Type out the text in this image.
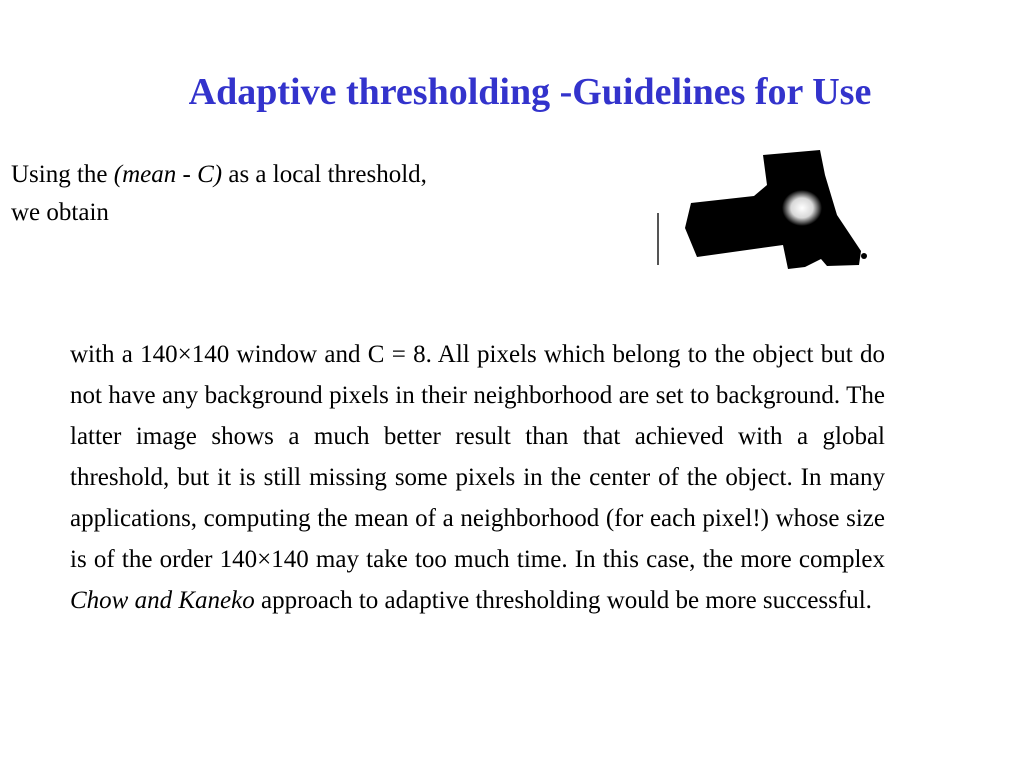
Adaptive thresholding -Guidelines for Use

Using the (mean - C) as a local threshold,
we obtain

with a 140×140 window and C = 8. All pixels which belong to the object but do not have any background pixels in their neighborhood are set to background. The latter image shows a much better result than that achieved with a global threshold, but it is still missing some pixels in the center of the object. In many applications, computing the mean of a neighborhood (for each pixel!) whose size is of the order 140×140 may take too much time. In this case, the more complex Chow and Kaneko approach to adaptive thresholding would be more successful.
